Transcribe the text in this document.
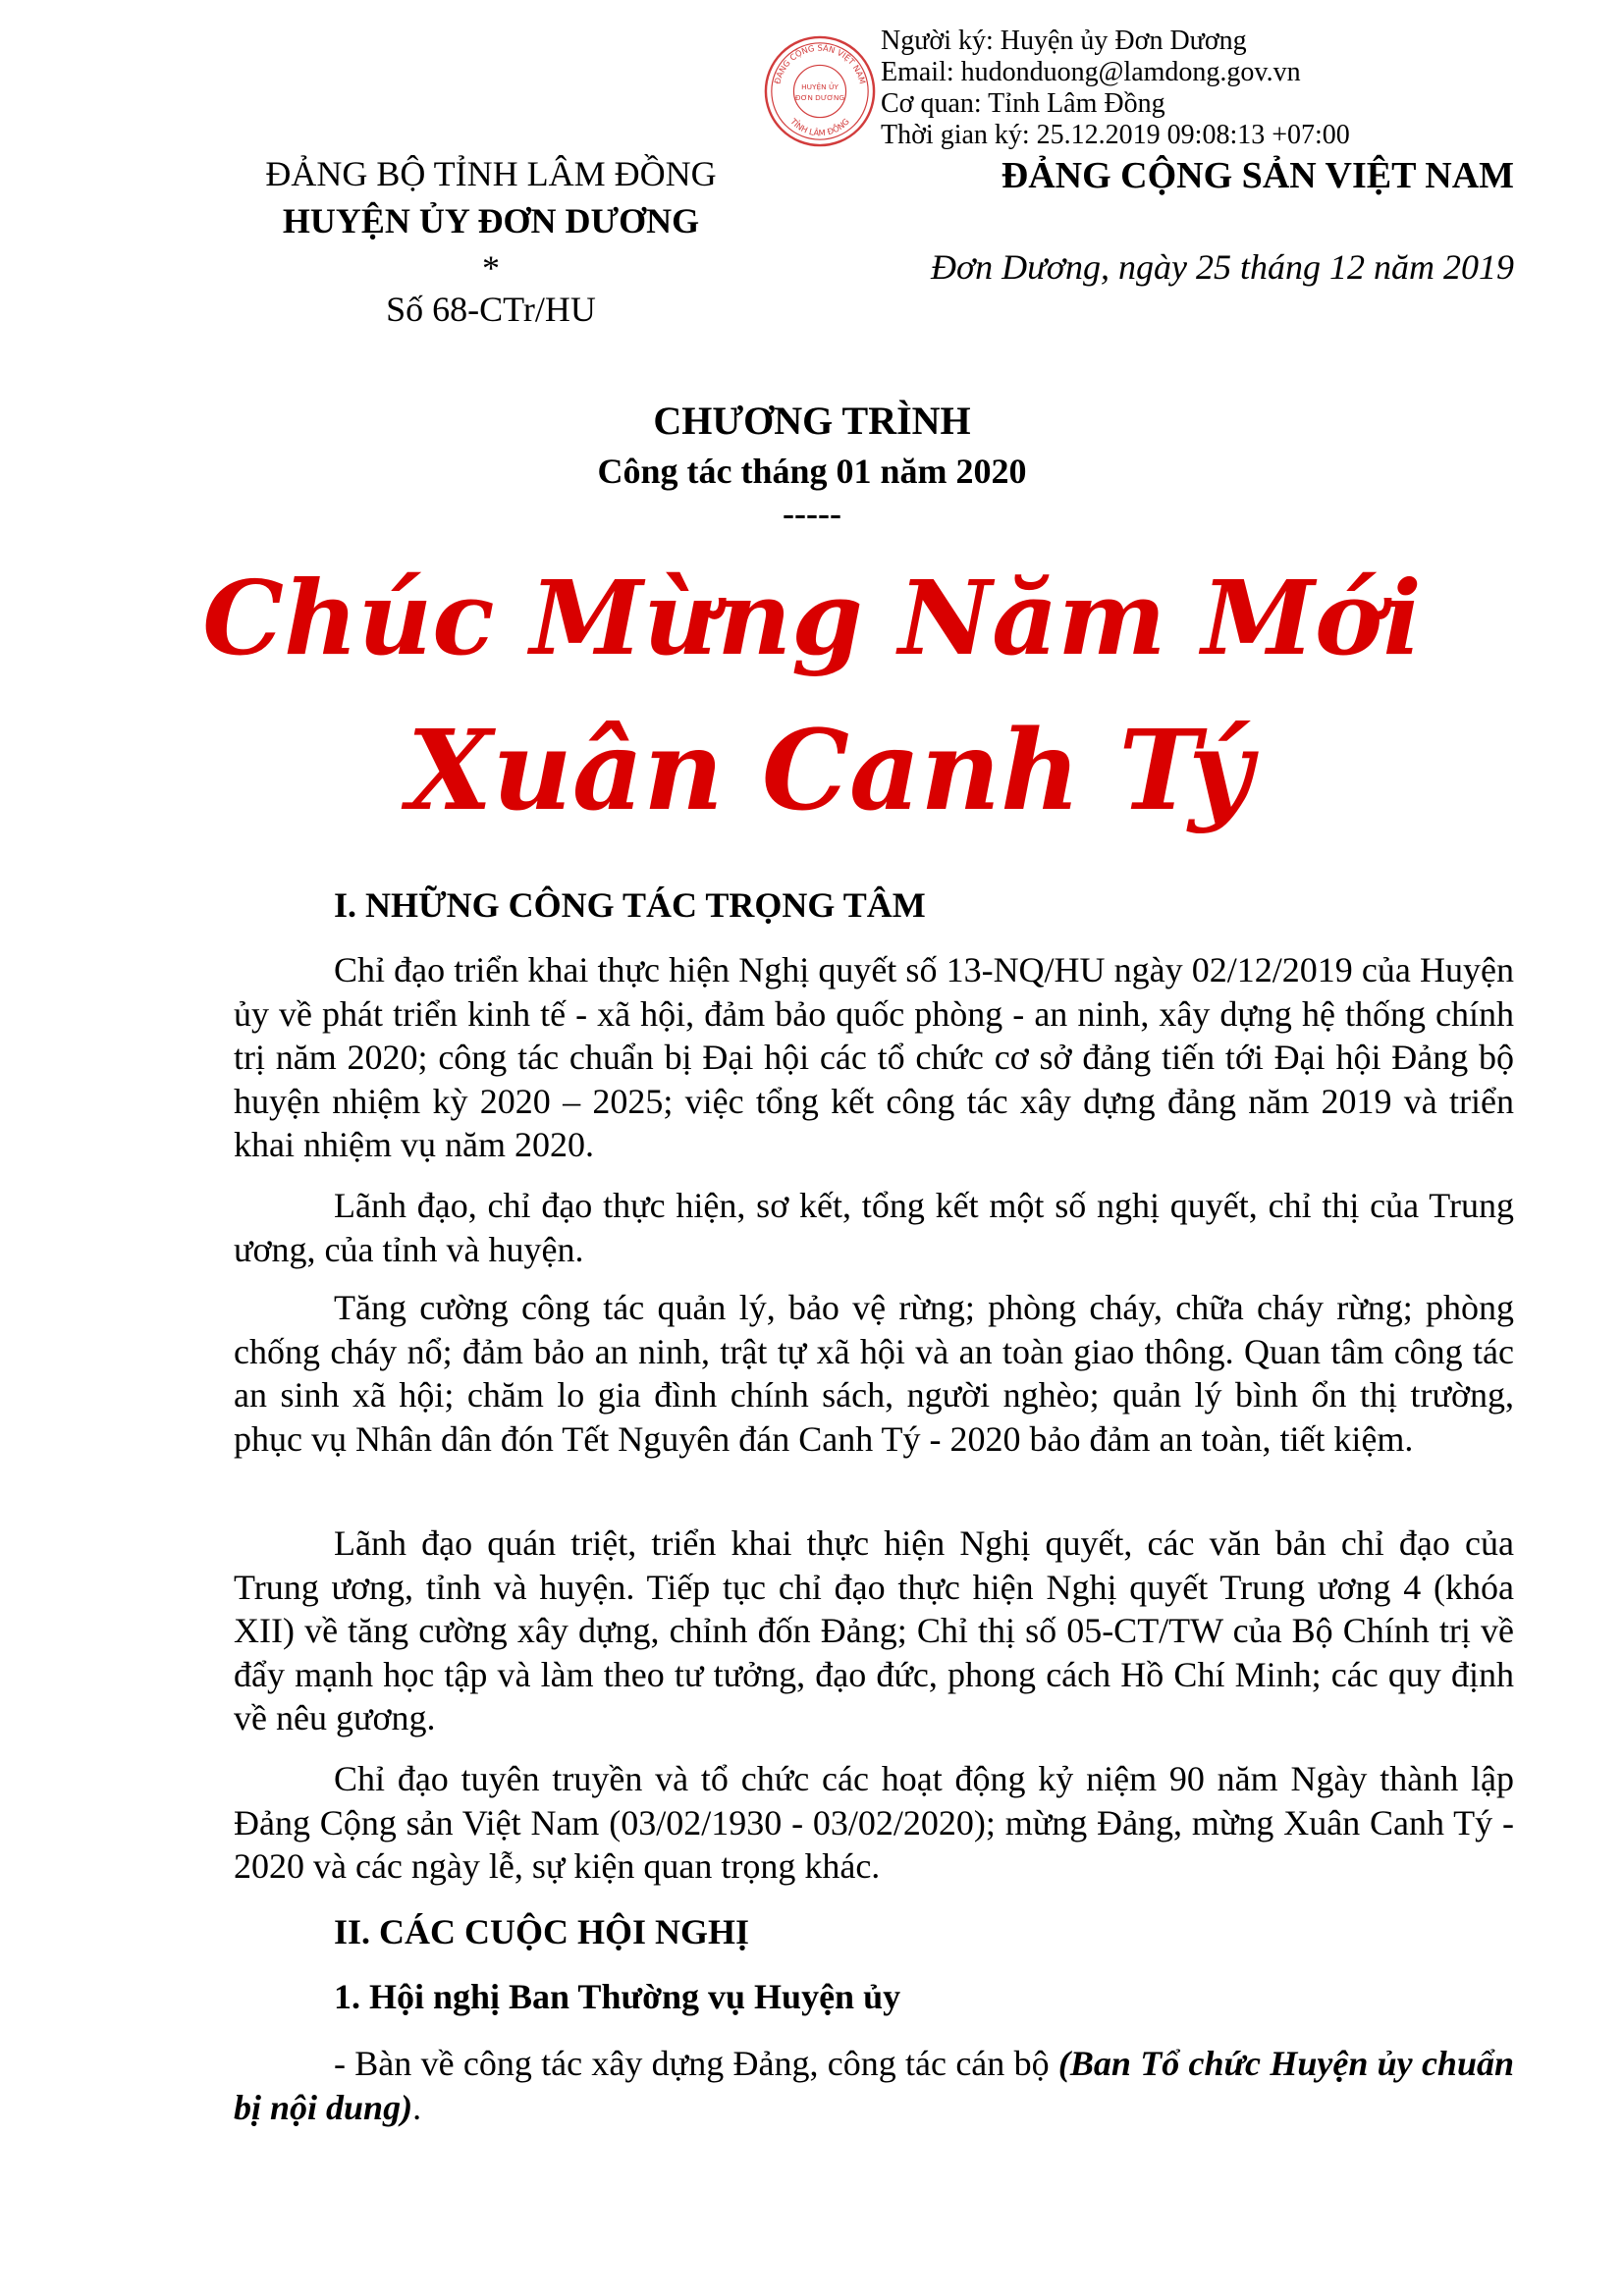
ĐẢNG CỘNG SẢN VIỆT NAM
TỈNH LÂM ĐỒNG
HUYỆN ỦY
ĐƠN DƯƠNG
Người ký: Huyện ủy Đơn Dương
Email: hudonduong@lamdong.gov.vn
Cơ quan: Tỉnh Lâm Đồng
Thời gian ký: 25.12.2019 09:08:13 +07:00
ĐẢNG BỘ TỈNH LÂM ĐỒNG
HUYỆN ỦY ĐƠN DƯƠNG
*
Số 68-CTr/HU
ĐẢNG CỘNG SẢN VIỆT NAM
Đơn Dương, ngày 25 tháng 12 năm 2019
CHƯƠNG TRÌNH
Công tác tháng 01 năm 2020
-----
Chúc Mừng Năm Mới
Xuân Canh Tý
I. NHỮNG CÔNG TÁC TRỌNG TÂM
Chỉ đạo triển khai thực hiện Nghị quyết số 13-NQ/HU ngày 02/12/2019 của Huyện ủy về phát triển kinh tế - xã hội, đảm bảo quốc phòng - an ninh, xây dựng hệ thống chính trị năm 2020; công tác chuẩn bị Đại hội các tổ chức cơ sở đảng tiến tới Đại hội Đảng bộ huyện nhiệm kỳ 2020 – 2025; việc tổng kết công tác xây dựng đảng năm 2019 và triển khai nhiệm vụ năm 2020.
Lãnh đạo, chỉ đạo thực hiện, sơ kết, tổng kết một số nghị quyết, chỉ thị của Trung ương, của tỉnh và huyện.
Tăng cường công tác quản lý, bảo vệ rừng; phòng cháy, chữa cháy rừng; phòng chống cháy nổ; đảm bảo an ninh, trật tự xã hội và an toàn giao thông. Quan tâm công tác an sinh xã hội; chăm lo gia đình chính sách, người nghèo; quản lý bình ổn thị trường, phục vụ Nhân dân đón Tết Nguyên đán Canh Tý - 2020 bảo đảm an toàn, tiết kiệm.
Lãnh đạo quán triệt, triển khai thực hiện Nghị quyết, các văn bản chỉ đạo của Trung ương, tỉnh và huyện. Tiếp tục chỉ đạo thực hiện Nghị quyết Trung ương 4 (khóa XII) về tăng cường xây dựng, chỉnh đốn Đảng; Chỉ thị số 05-CT/TW của Bộ Chính trị về đẩy mạnh học tập và làm theo tư tưởng, đạo đức, phong cách Hồ Chí Minh; các quy định về nêu gương.
Chỉ đạo tuyên truyền và tổ chức các hoạt động kỷ niệm 90 năm Ngày thành lập Đảng Cộng sản Việt Nam (03/02/1930 - 03/02/2020); mừng Đảng, mừng Xuân Canh Tý - 2020 và các ngày lễ, sự kiện quan trọng khác.
II. CÁC CUỘC HỘI NGHỊ
1. Hội nghị Ban Thường vụ Huyện ủy
- Bàn về công tác xây dựng Đảng, công tác cán bộ (Ban Tổ chức Huyện ủy chuẩn bị nội dung).
